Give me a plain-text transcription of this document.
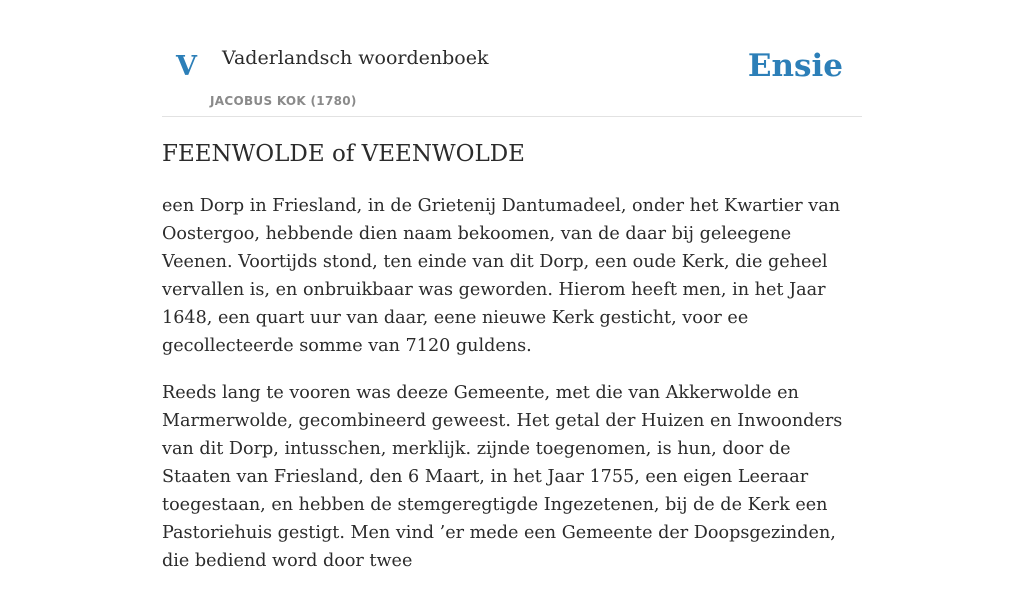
V Vaderlandsch woordenboek
JACOBUS KOK (1780)
Ensie
FEENWOLDE of VEENWOLDE

een Dorp in Friesland, in de Grietenij Dantumadeel, onder het Kwartier van Oostergoo, hebbende dien naam bekoomen, van de daar bij geleegene Veenen. Voortijds stond, ten einde van dit Dorp, een oude Kerk, die geheel vervallen is, en onbruikbaar was geworden. Hierom heeft men, in het Jaar 1648, een quart uur van daar, eene nieuwe Kerk gesticht, voor ee gecollecteerde somme van 7120 guldens.

Reeds lang te vooren was deeze Gemeente, met die van Akkerwolde en Marmerwolde, gecombineerd geweest. Het getal der Huizen en Inwoonders van dit Dorp, intusschen, merklijk. zijnde toegenomen, is hun, door de Staaten van Friesland, den 6 Maart, in het Jaar 1755, een eigen Leeraar toegestaan, en hebben de stemgeregtigde Ingezetenen, bij de de Kerk een Pastoriehuis gestigt. Men vind ’er mede een Gemeente der Doopsgezinden, die bediend word door twee
